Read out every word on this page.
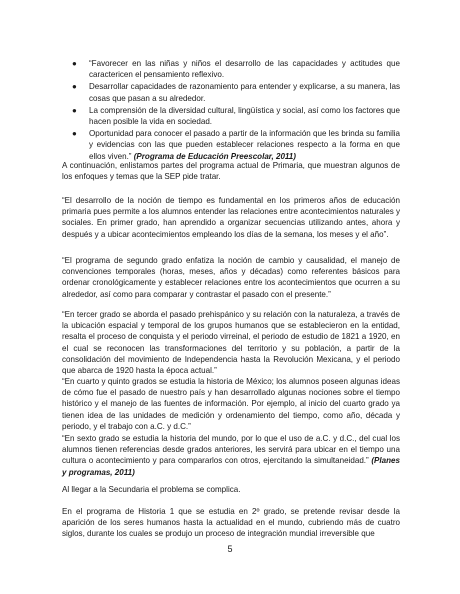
● “Favorecer en las niñas y niños el desarrollo de las capacidades y actitudes que caractericen el pensamiento reflexivo.
● Desarrollar capacidades de razonamiento para entender y explicarse, a su manera, las cosas que pasan a su alrededor.
● La comprensión de la diversidad cultural, lingüística y social, así como los factores que hacen posible la vida en sociedad.
● Oportunidad para conocer el pasado a partir de la información que les brinda su familia y evidencias con las que pueden establecer relaciones respecto a la forma en que ellos viven.” (Programa de Educación Preescolar, 2011)

A continuación, enlistamos partes del programa actual de Primaria, que muestran algunos de los enfoques y temas que la SEP pide tratar.

“El desarrollo de la noción de tiempo es fundamental en los primeros años de educación primaria pues permite a los alumnos entender las relaciones entre acontecimientos naturales y sociales. En primer grado, han aprendido a organizar secuencias utilizando antes, ahora y después y a ubicar acontecimientos empleando los días de la semana, los meses y el año”.

“El programa de segundo grado enfatiza la noción de cambio y causalidad, el manejo de convenciones temporales (horas, meses, años y décadas) como referentes básicos para ordenar cronológicamente y establecer relaciones entre los acontecimientos que ocurren a su alrededor, así como para comparar y contrastar el pasado con el presente.”

“En tercer grado se aborda el pasado prehispánico y su relación con la naturaleza, a través de la ubicación espacial y temporal de los grupos humanos que se establecieron en la entidad, resalta el proceso de conquista y el periodo virreinal, el periodo de estudio de 1821 a 1920, en el cual se reconocen las transformaciones del territorio y su población, a partir de la consolidación del movimiento de Independencia hasta la Revolución Mexicana, y el periodo que abarca de 1920 hasta la época actual.”

“En cuarto y quinto grados se estudia la historia de México; los alumnos poseen algunas ideas de cómo fue el pasado de nuestro país y han desarrollado algunas nociones sobre el tiempo histórico y el manejo de las fuentes de información. Por ejemplo, al inicio del cuarto grado ya tienen idea de las unidades de medición y ordenamiento del tiempo, como año, década y periodo, y el trabajo con a.C. y d.C.”

“En sexto grado se estudia la historia del mundo, por lo que el uso de a.C. y d.C., del cual los alumnos tienen referencias desde grados anteriores, les servirá para ubicar en el tiempo una cultura o acontecimiento y para compararlos con otros, ejercitando la simultaneidad.” (Planes y programas, 2011)

Al llegar a la Secundaria el problema se complica.

En el programa de Historia 1 que se estudia en 2º grado, se pretende revisar desde la aparición de los seres humanos hasta la actualidad en el mundo, cubriendo más de cuatro siglos, durante los cuales se produjo un proceso de integración mundial irreversible que

5
